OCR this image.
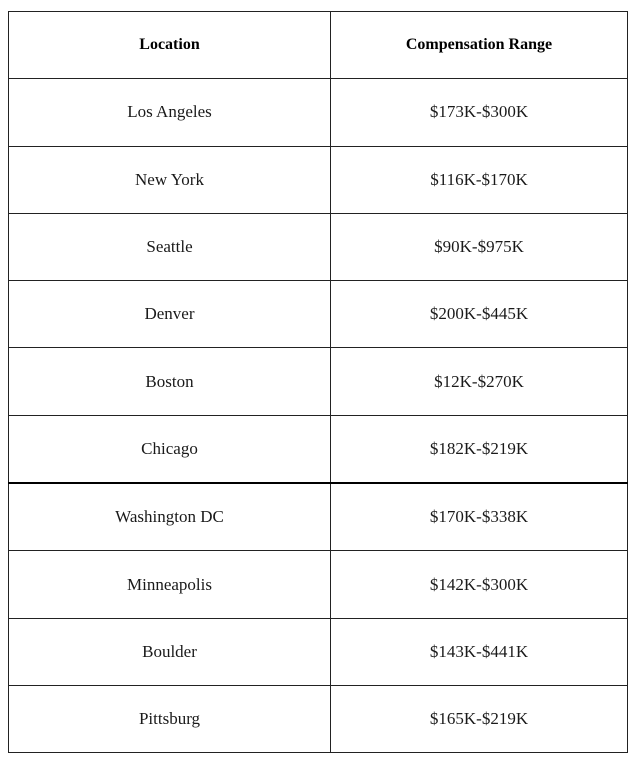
Location	Compensation Range
Los Angeles	$173K-$300K
New York	$116K-$170K
Seattle	$90K-$975K
Denver	$200K-$445K
Boston	$12K-$270K
Chicago	$182K-$219K
Washington DC	$170K-$338K
Minneapolis	$142K-$300K
Boulder	$143K-$441K
Pittsburg	$165K-$219K
